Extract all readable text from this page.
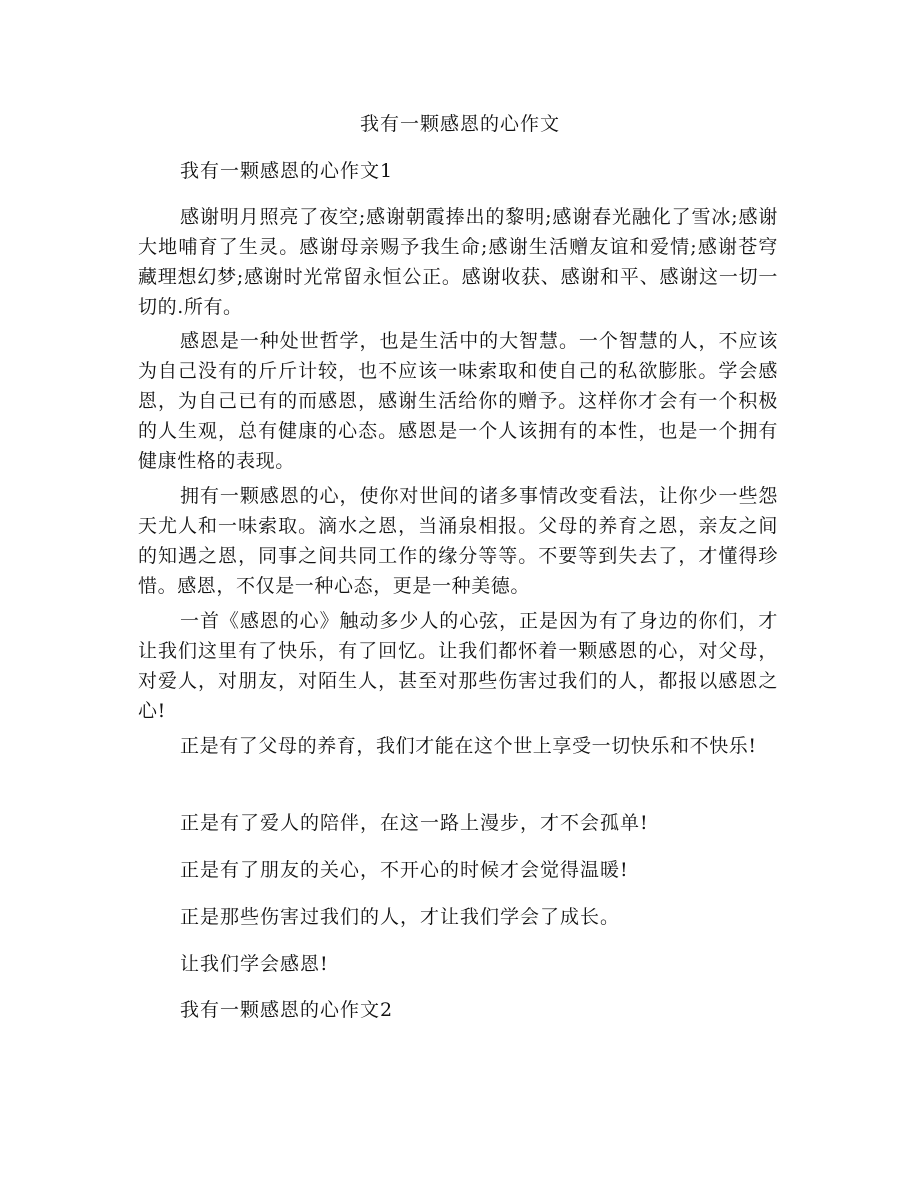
我有一颗感恩的心作文
我有一颗感恩的心作文1

感谢明月照亮了夜空;感谢朝霞捧出的黎明;感谢春光融化了雪冰;感谢大地哺育了生灵。感谢母亲赐予我生命;感谢生活赠友谊和爱情;感谢苍穹藏理想幻梦;感谢时光常留永恒公正。感谢收获、感谢和平、感谢这一切一切的.所有。

感恩是一种处世哲学，也是生活中的大智慧。一个智慧的人，不应该为自己没有的斤斤计较，也不应该一味索取和使自己的私欲膨胀。学会感恩，为自己已有的而感恩，感谢生活给你的赠予。这样你才会有一个积极的人生观，总有健康的心态。感恩是一个人该拥有的本性，也是一个拥有健康性格的表现。

拥有一颗感恩的心，使你对世间的诸多事情改变看法，让你少一些怨天尤人和一味索取。滴水之恩，当涌泉相报。父母的养育之恩，亲友之间的知遇之恩，同事之间共同工作的缘分等等。不要等到失去了，才懂得珍惜。感恩，不仅是一种心态，更是一种美德。

一首《感恩的心》触动多少人的心弦，正是因为有了身边的你们，才让我们这里有了快乐，有了回忆。让我们都怀着一颗感恩的心，对父母，对爱人，对朋友，对陌生人，甚至对那些伤害过我们的人，都报以感恩之心!

正是有了父母的养育，我们才能在这个世上享受一切快乐和不快乐!

正是有了爱人的陪伴，在这一路上漫步，才不会孤单!

正是有了朋友的关心，不开心的时候才会觉得温暖!

正是那些伤害过我们的人，才让我们学会了成长。

让我们学会感恩!

我有一颗感恩的心作文2
